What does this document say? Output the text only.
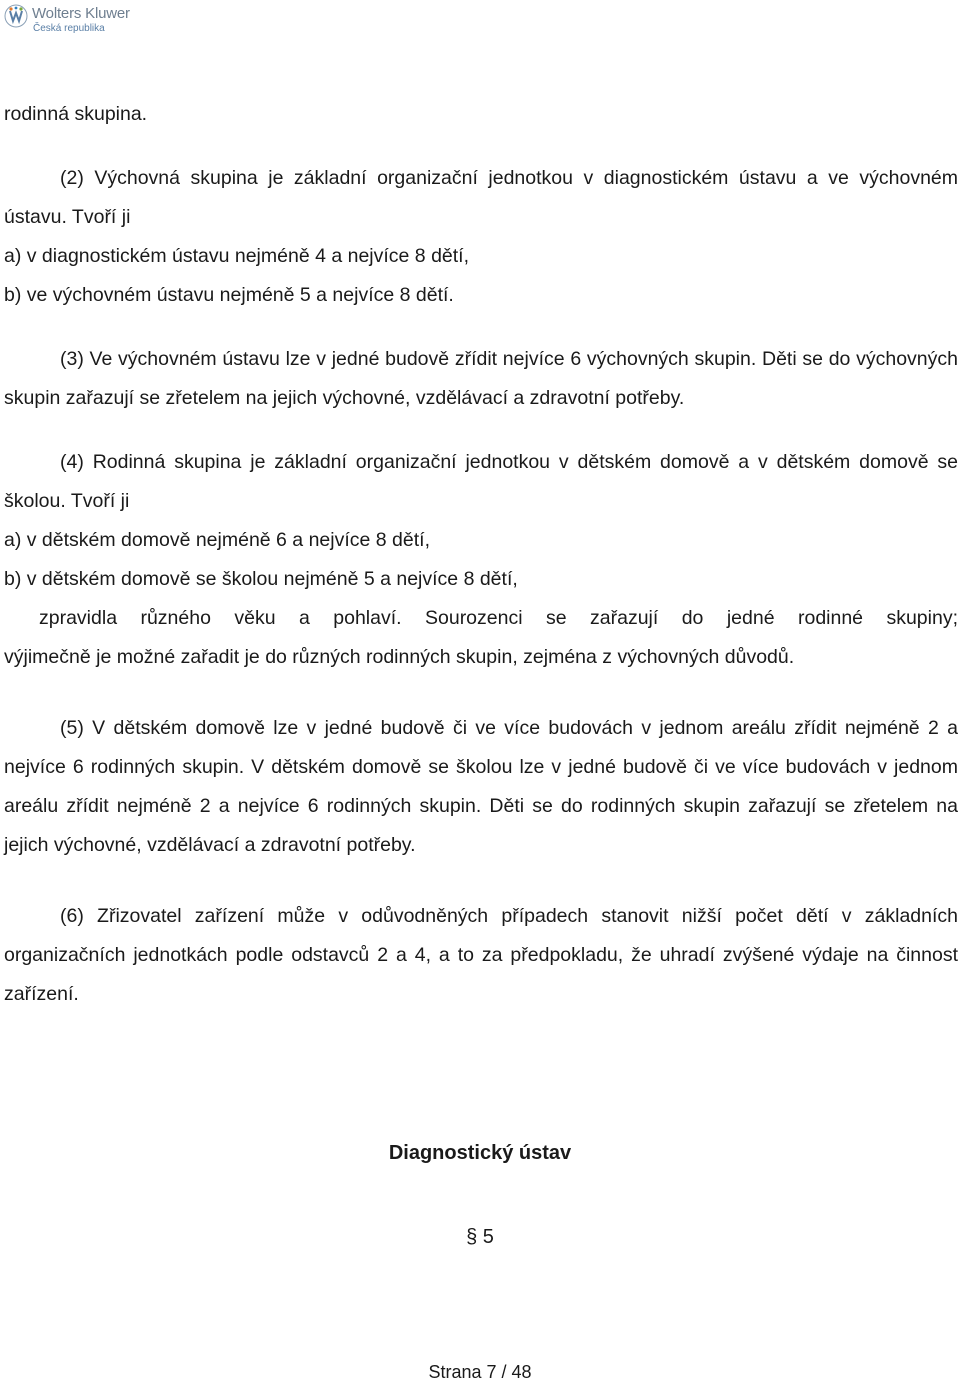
Wolters Kluwer
Česká republika

rodinná skupina.

(2) Výchovná skupina je základní organizační jednotkou v diagnostickém ústavu a ve výchovném ústavu. Tvoří ji

a) v diagnostickém ústavu nejméně 4 a nejvíce 8 dětí,

b) ve výchovném ústavu nejméně 5 a nejvíce 8 dětí.

(3) Ve výchovném ústavu lze v jedné budově zřídit nejvíce 6 výchovných skupin. Děti se do výchovných skupin zařazují se zřetelem na jejich výchovné, vzdělávací a zdravotní potřeby.

(4) Rodinná skupina je základní organizační jednotkou v dětském domově a v dětském domově se školou. Tvoří ji

a) v dětském domově nejméně 6 a nejvíce 8 dětí,

b) v dětském domově se školou nejméně 5 a nejvíce 8 dětí,

zpravidla různého věku a pohlaví. Sourozenci se zařazují do jedné rodinné skupiny;

výjimečně je možné zařadit je do různých rodinných skupin, zejména z výchovných důvodů.

(5) V dětském domově lze v jedné budově či ve více budovách v jednom areálu zřídit nejméně 2 a nejvíce 6 rodinných skupin. V dětském domově se školou lze v jedné budově či ve více budovách v jednom areálu zřídit nejméně 2 a nejvíce 6 rodinných skupin. Děti se do rodinných skupin zařazují se zřetelem na jejich výchovné, vzdělávací a zdravotní potřeby.

(6) Zřizovatel zařízení může v odůvodněných případech stanovit nižší počet dětí v základních organizačních jednotkách podle odstavců 2 a 4, a to za předpokladu, že uhradí zvýšené výdaje na činnost zařízení.

Diagnostický ústav
§ 5
Strana 7 / 48
